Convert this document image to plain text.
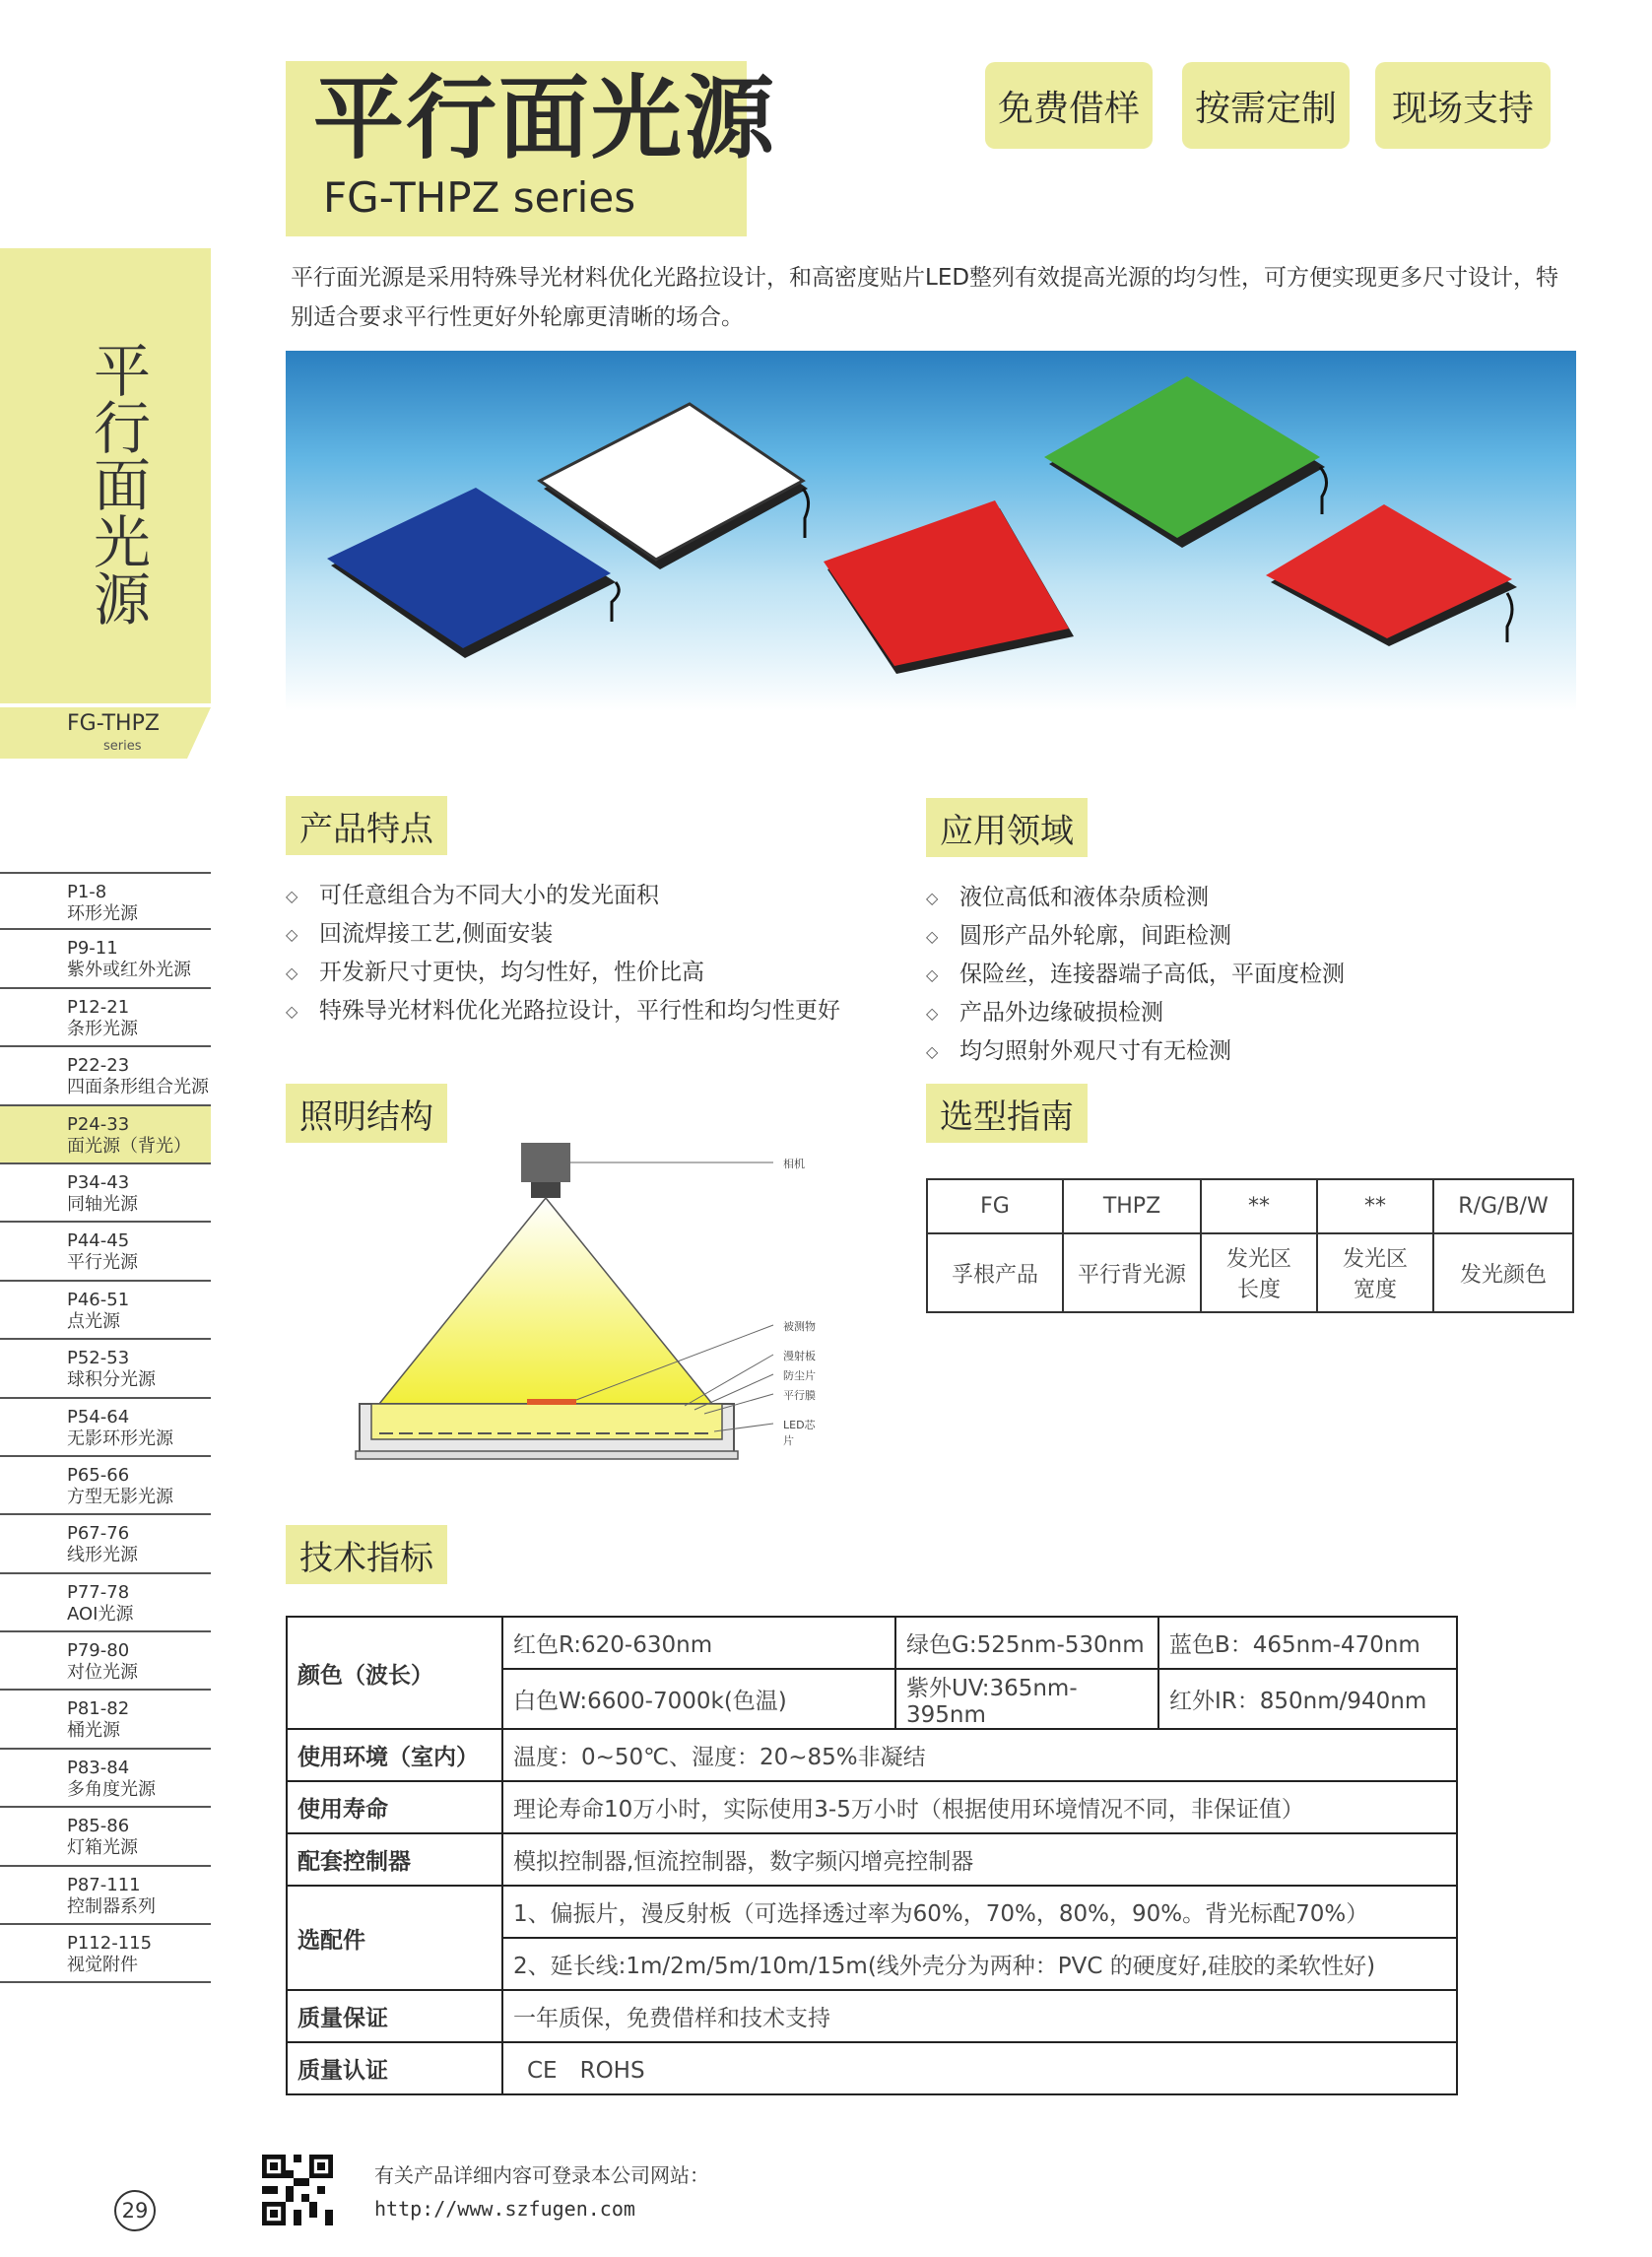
平行面光源
FG-THPZ series
免费借样	按需定制	现场支持
平行面光源是采用特殊导光材料优化光路拉设计，和高密度贴片LED整列有效提高光源的均匀性，可方便实现更多尺寸设计，特别适合要求平行性更好外轮廓更清晰的场合。
平行面光源
FG-THPZ
series
P1-8
环形光源
P9-11
紫外或红外光源
P12-21
条形光源
P22-23
四面条形组合光源
P24-33
面光源（背光）
P34-43
同轴光源
P44-45
平行光源
P46-51
点光源
P52-53
球积分光源
P54-64
无影环形光源
P65-66
方型无影光源
P67-76
线形光源
P77-78
AOI光源
P79-80
对位光源
P81-82
桶光源
P83-84
多角度光源
P85-86
灯箱光源
P87-111
控制器系列
P112-115
视觉附件
产品特点
◇ 可任意组合为不同大小的发光面积
◇ 回流焊接工艺,侧面安装
◇ 开发新尺寸更快，均匀性好，性价比高
◇ 特殊导光材料优化光路拉设计，平行性和均匀性更好
应用领域
◇ 液位高低和液体杂质检测
◇ 圆形产品外轮廓，间距检测
◇ 保险丝，连接器端子高低，平面度检测
◇ 产品外边缘破损检测
◇ 均匀照射外观尺寸有无检测
照明结构
相机
被测物
漫射板
防尘片
平行膜
LED芯片
选型指南
FG	THPZ	**	**	R/G/B/W
孚根产品	平行背光源	发光区长度	发光区宽度	发光颜色
技术指标
颜色（波长）	红色R:620-630nm	绿色G:525nm-530nm	蓝色B：465nm-470nm
	白色W:6600-7000k(色温)	紫外UV:365nm-395nm	红外IR：850nm/940nm
使用环境（室内）	温度：0~50℃、湿度：20~85%非凝结		
使用寿命	理论寿命10万小时，实际使用3-5万小时（根据使用环境情况不同，非保证值）		
配套控制器	模拟控制器,恒流控制器，数字频闪增亮控制器		
选配件	1、偏振片，漫反射板（可选择透过率为60%，70%，80%，90%。背光标配70%）		
	2、延长线:1m/2m/5m/10m/15m(线外壳分为两种：PVC 的硬度好,硅胶的柔软性好)		
质量保证	一年质保，免费借样和技术支持		
质量认证	CE　ROHS		
29
有关产品详细内容可登录本公司网站：
http://www.szfugen.com
